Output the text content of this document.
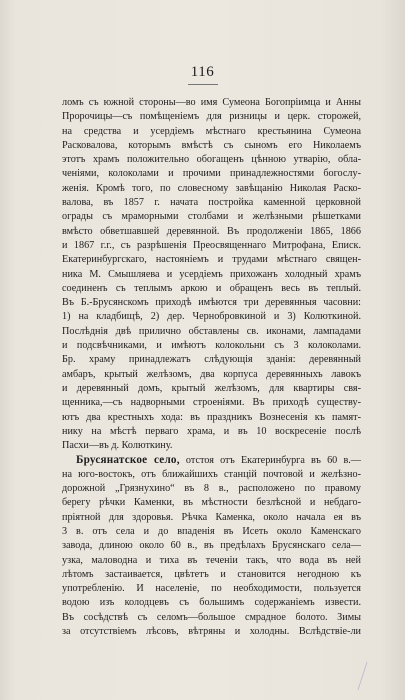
116
ломъ съ южной стороны—во имя Сумеона Богопріимца и Анны
Пророчицы—съ помѣщеніемъ для ризницы и церк. сторожей,
на средства и усердіемъ мѣстнаго крестьянина Сумеона
Расковалова, которымъ вмѣстѣ съ сыномъ его Николаемъ
этотъ храмъ положительно обогащенъ цѣнною утварію, обла-
ченіями, колоколами и прочими принадлежностями богослу-
женія. Кромѣ того, по словесному завѣщанію Николая Раско-
валова, въ 1857 г. начата постройка каменной церковной
ограды съ мраморными столбами и желѣзными рѣшетками
вмѣсто обветшавшей деревянной. Въ продолженіи 1865, 1866
и 1867 г.г., съ разрѣшенія Преосвященнаго Митрофана, Еписк.
Екатеринбургскаго, настояніемъ и трудами мѣстнаго священ-
ника М. Смышляева и усердіемъ прихожанъ холодный храмъ
соединенъ съ теплымъ аркою и обращенъ весь въ теплый.
Въ Б.-Брусянскомъ приходѣ имѣются три деревянныя часовни:
1) на кладбищѣ, 2) дер. Чернобровкиной и 3) Колюткиной.
Послѣднія двѣ прилично обставлены св. иконами, лампадами
и подсвѣчниками, и имѣютъ колокольни съ 3 колоколами.
Бр. храму принадлежатъ слѣдующія зданія: деревянный
амбаръ, крытый желѣзомъ, два корпуса деревянныхъ лавокъ
и деревянный домъ, крытый желѣзомъ, для квартиры свя-
щенника,—съ надворными строеніями. Въ приходѣ существу-
ютъ два крестныхъ хода: въ праздникъ Вознесенія къ памят-
нику на мѣстѣ перваго храма, и въ 10 воскресеніе послѣ
Пасхи—въ д. Колюткину.
Брусянатское село, отстоя отъ Екатеринбурга въ 60 в.—
на юго-востокъ, отъ ближайшихъ станцій почтовой и желѣзно-
дорожной „Грязнухино“ въ 8 в., расположено по правому
берегу рѣчки Каменки, въ мѣстности безлѣсной и небдаго-
пріятной для здоровья. Рѣчка Каменка, около начала ея въ
3 в. отъ села и до впаденія въ Исеть около Каменскаго
завода, длиною около 60 в., въ предѣлахъ Брусянскаго села—
узка, маловодна и тиха въ теченіи такъ, что вода въ ней
лѣтомъ застаивается, цвѣтетъ и становится негодною къ
употребленію. И населеніе, по необходимости, пользуется
водою изъ колодцевъ съ большимъ содержаніемъ извести.
Въ сосѣдствѣ съ селомъ—большое смрадное болото. Зимы
за отсутствіемъ лѣсовъ, вѣтряны и холодны. Вслѣдствіе-ли
